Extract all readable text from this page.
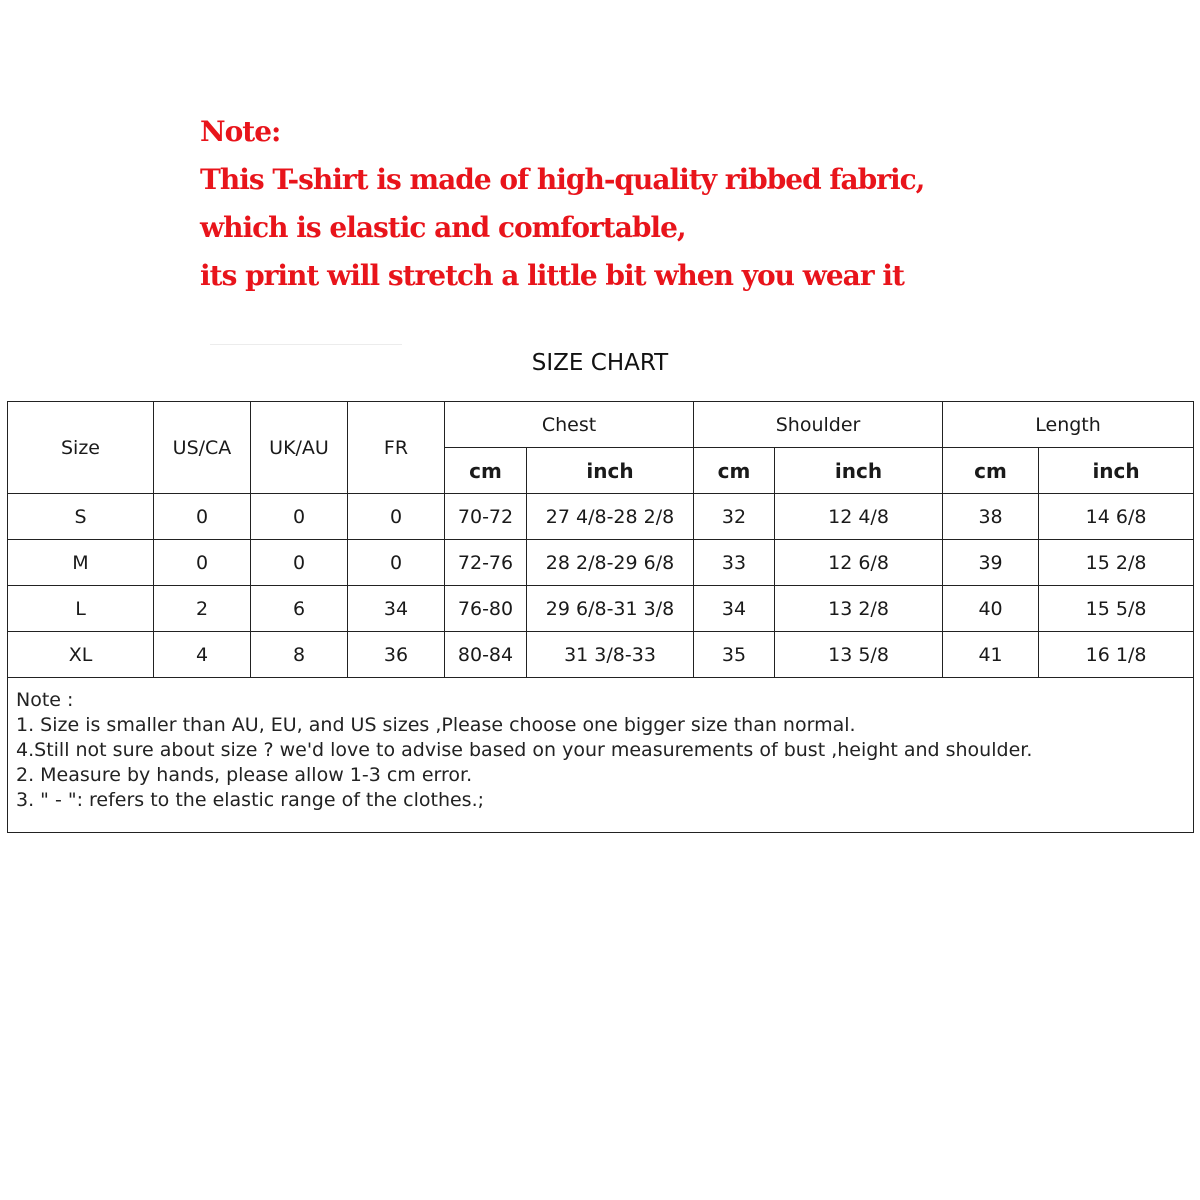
Note:
This T-shirt is made of high-quality ribbed fabric,
which is elastic and comfortable,
its print will stretch a little bit when you wear it
SIZE CHART
Size	US/CA	UK/AU	FR	Chest		Shoulder		Length	
				cm	inch	cm	inch	cm	inch
S	0	0	0	70-72	27 4/8-28 2/8	32	12 4/8	38	14 6/8
M	0	0	0	72-76	28 2/8-29 6/8	33	12 6/8	39	15 2/8
L	2	6	34	76-80	29 6/8-31 3/8	34	13 2/8	40	15 5/8
XL	4	8	36	80-84	31 3/8-33	35	13 5/8	41	16 1/8

Note :
1. Size is smaller than AU, EU, and US sizes ,Please choose one bigger size than normal.
4.Still not sure about size ? we'd love to advise based on your measurements of bust ,height and shoulder.
2. Measure by hands, please allow 1-3 cm error.
3. " - ": refers to the elastic range of the clothes.;									
